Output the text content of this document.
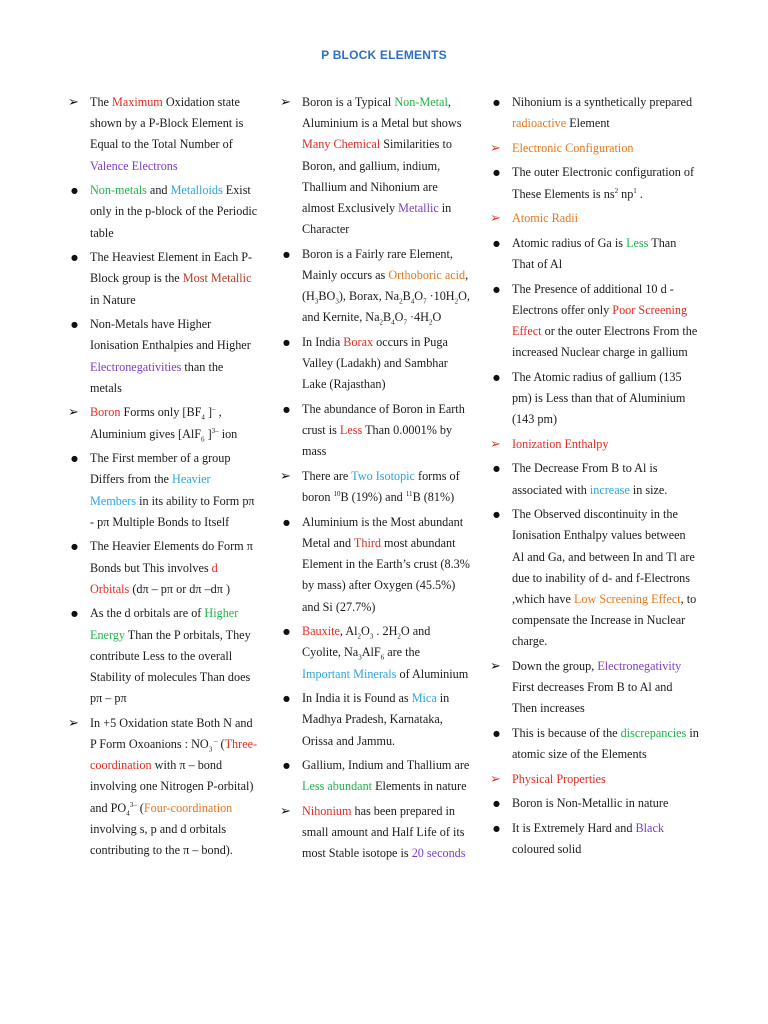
P BLOCK ELEMENTS
➢
The Maximum Oxidation state shown by a P-Block Element is Equal to the Total Number of Valence Electrons
●
Non-metals and Metalloids Exist only in the p-block of the Periodic table
●
The Heaviest Element in Each P-Block group is the Most Metallic in Nature
●
Non-Metals have Higher Ionisation Enthalpies and Higher Electronegativities than the metals
➢
Boron Forms only [$BF_4$ ]– , Aluminium gives [AlF$_6$ ]$^{3-}$ ion
●
The First member of a group Differs from the Heavier Members in its ability to Form pπ - pπ Multiple Bonds to Itself
●
The Heavier Elements do Form π Bonds but This involves d Orbitals (dπ – pπ or dπ –dπ )
●
As the d orbitals are of Higher Energy Than the P orbitals, They contribute Less to the overall Stability of molecules Than does pπ – pπ
➢
In +5 Oxidation state Both N and P Form Oxoanions : $NO_3$ – (Three-coordination with π – bond involving one Nitrogen P-orbital) and $PO_4^{3-}$ (Four-coordination involving s, p and d orbitals contributing to the π – bond).
➢
Boron is a Typical Non-Metal, Aluminium is a Metal but shows Many Chemical Similarities to Boron, and gallium, indium, Thallium and Nihonium are almost Exclusively Metallic in Character
●
Boron is a Fairly rare Element, Mainly occurs as Orthoboric acid, $(H_3BO_3)$, Borax, $Na_2B_4O_7 \cdot 10H_2O$, and Kernite, $Na_2B_4O_7 \cdot 4H_2O$
●
In India Borax occurs in Puga Valley (Ladakh) and Sambhar Lake (Rajasthan)
●
The abundance of Boron in Earth crust is Less Than 0.0001% by mass
➢
There are Two Isotopic forms of boron $^{10}$B (19%) and $^{11}$B (81%)
●
Aluminium is the Most abundant Metal and Third most abundant Element in the Earth’s crust (8.3% by mass) after Oxygen (45.5%) and Si (27.7%)
●
Bauxite, $Al_2O_3$ . $2H_2O$ and Cyolite, $Na_3AlF_6$ are the Important Minerals of Aluminium
●
In India it is Found as Mica in Madhya Pradesh, Karnataka, Orissa and Jammu.
●
Gallium, Indium and Thallium are Less abundant Elements in nature
➢
Nihonium has been prepared in small amount and Half Life of its most Stable isotope is 20 seconds
●
Nihonium is a synthetically prepared radioactive Element
➢
Electronic Configuration
●
The outer Electronic configuration of These Elements is $ns^2$ $np^1$ .
➢
Atomic Radii
●
Atomic radius of Ga is Less Than That of Al
●
The Presence of additional 10 d - Electrons offer only Poor Screening Effect or the outer Electrons From the increased Nuclear charge in gallium
●
The Atomic radius of gallium (135 pm) is Less than that of Aluminium (143 pm)
➢
Ionization Enthalpy
●
The Decrease From B to Al is associated with increase in size.
●
The Observed discontinuity in the Ionisation Enthalpy values between Al and Ga, and between In and Tl are due to inability of d- and f-Electrons ,which have Low Screening Effect, to compensate the Increase in Nuclear charge.
➢
Down the group, Electronegativity First decreases From B to Al and Then increases
●
This is because of the discrepancies in atomic size of the Elements
➢
Physical Properties
●
Boron is Non-Metallic in nature
●
It is Extremely Hard and Black coloured solid
